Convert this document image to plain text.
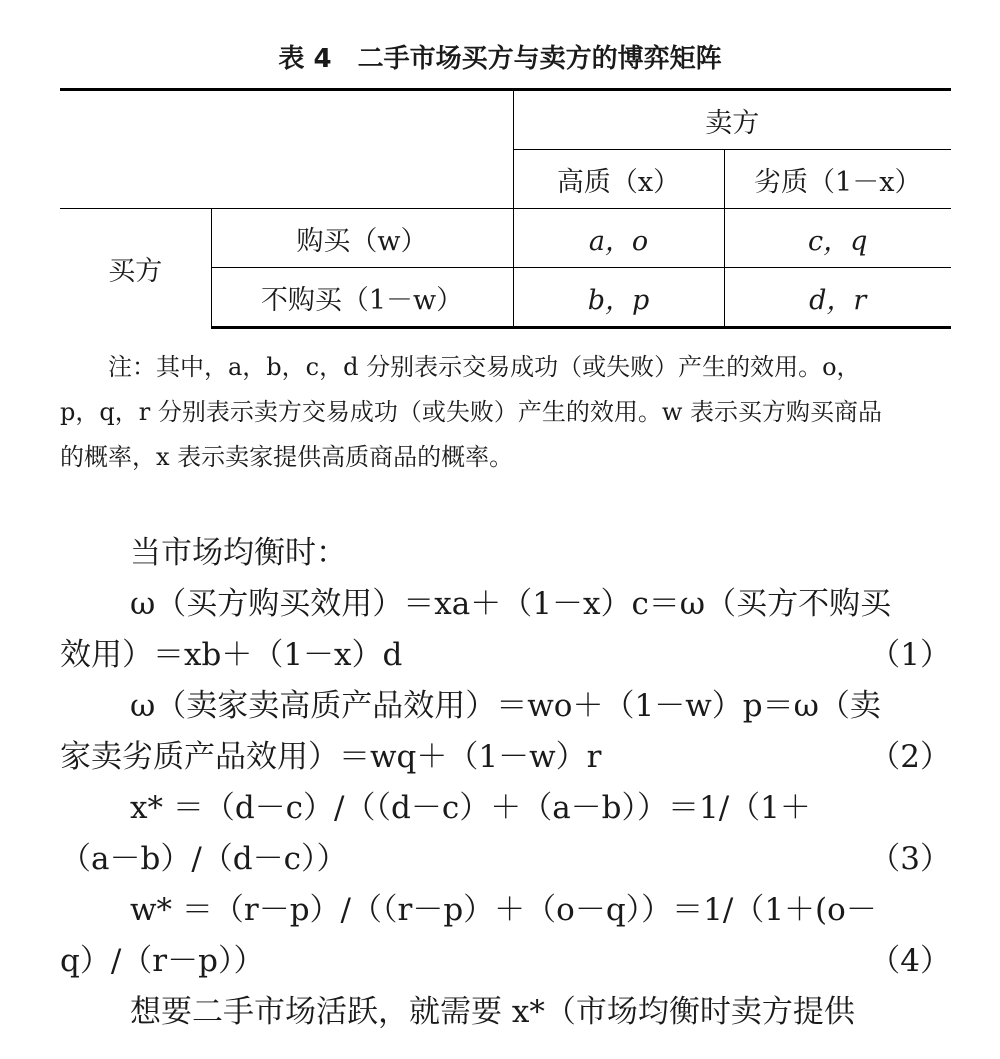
表 4 二手市场买方与卖方的博弈矩阵
		卖方	
		高质（x）	劣质（1－x）
买方	购买（w）	a，o	c，q
	不购买（1－w）	b，p	d，r
注：其中，a，b，c，d 分别表示交易成功（或失败）产生的效用。o，
p，q，r 分别表示卖方交易成功（或失败）产生的效用。w 表示买方购买商品
的概率，x 表示卖家提供高质商品的概率。
当市场均衡时：
ω（买方购买效用）＝xa＋（1－x）c＝ω（买方不购买
效用）＝xb＋（1－x）d	（1）
ω（卖家卖高质产品效用）＝wo＋（1－w）p＝ω（卖
家卖劣质产品效用）＝wq＋（1－w）r	（2）
x* ＝（d－c）/（（d－c）＋（a－b））＝1/（1＋
（a－b）/（d－c））	（3）
w* ＝（r－p）/（（r－p）＋（o－q））＝1/（1＋(o－
q）/（r－p））	（4）
想要二手市场活跃，就需要 x*（市场均衡时卖方提供
